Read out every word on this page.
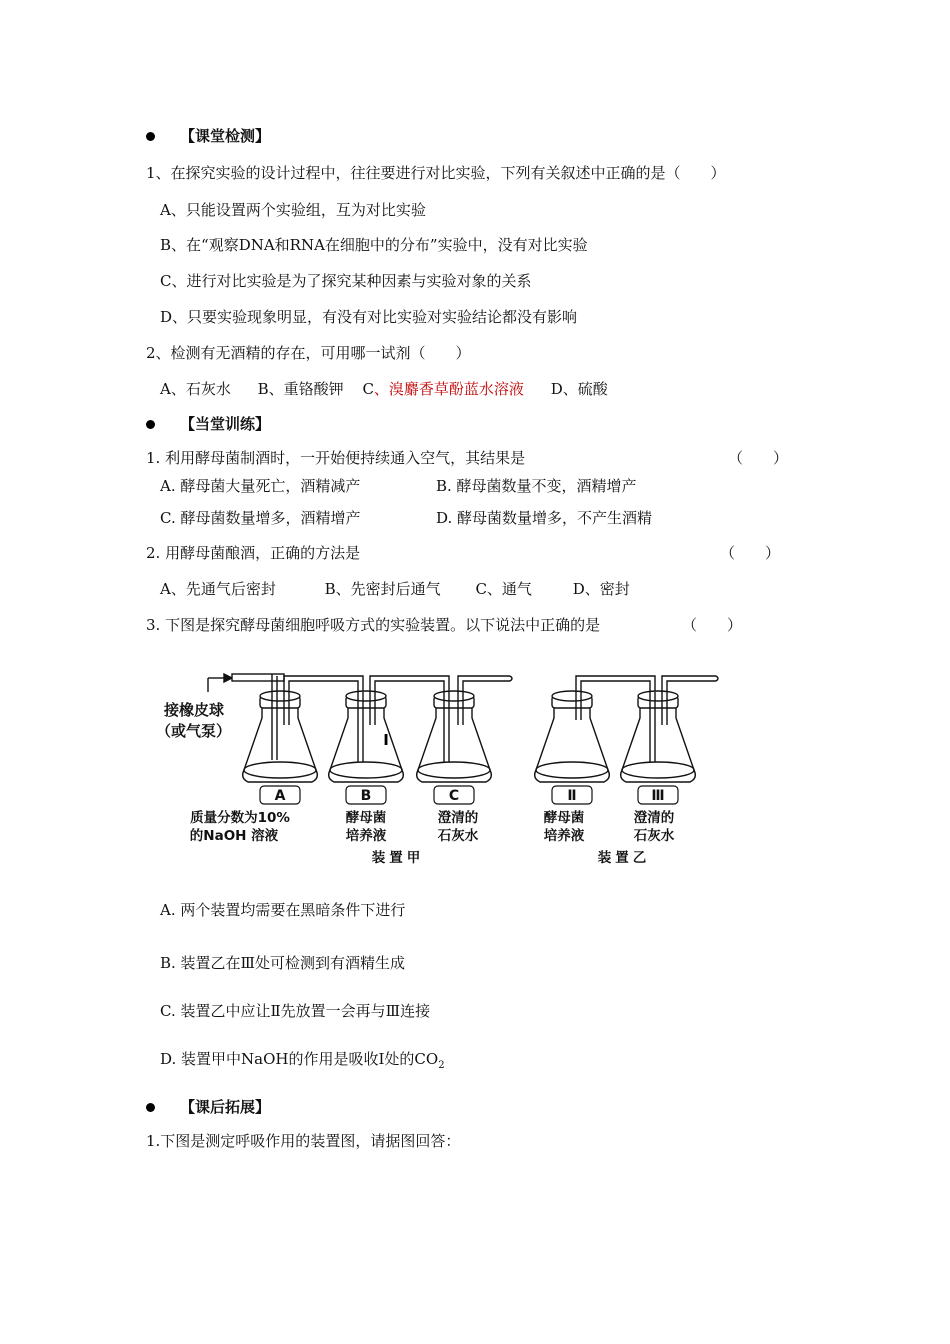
【课堂检测】
1、在探究实验的设计过程中，往往要进行对比实验，下列有关叙述中正确的是（　　）
A、只能设置两个实验组，互为对比实验
B、在“观察DNA和RNA在细胞中的分布”实验中，没有对比实验
C、进行对比实验是为了探究某种因素与实验对象的关系
D、只要实验现象明显，有没有对比实验对实验结论都没有影响
2、检测有无酒精的存在，可用哪一试剂（　　）
A、石灰水 B、重铬酸钾 C、溴麝香草酚蓝水溶液 D、硫酸
【当堂训练】
1. 利用酵母菌制酒时，一开始便持续通入空气，其结果是	（　　）
A. 酵母菌大量死亡，酒精减产	B. 酵母菌数量不变，酒精增产
C. 酵母菌数量增多，酒精增产	D. 酵母菌数量增多，不产生酒精
2. 用酵母菌酿酒，正确的方法是	（　　）
A、先通气后密封	B、先密封后通气 C、通气	D、密封
3. 下图是探究酵母菌细胞呼吸方式的实验装置。以下说法中正确的是	（　　）
A	B	C	Ⅱ	Ⅲ
I
接橡皮球
（或气泵）
质量分数为10%
的NaOH 溶液
酵母菌
培养液
澄清的
石灰水
酵母菌
培养液
澄清的
石灰水
装置甲	装置乙
A. 两个装置均需要在黑暗条件下进行
B. 装置乙在Ⅲ处可检测到有酒精生成
C. 装置乙中应让Ⅱ先放置一会再与Ⅲ连接
D. 装置甲中NaOH的作用是吸收Ⅰ处的$CO_2$
【课后拓展】
1.下图是测定呼吸作用的装置图，请据图回答：
